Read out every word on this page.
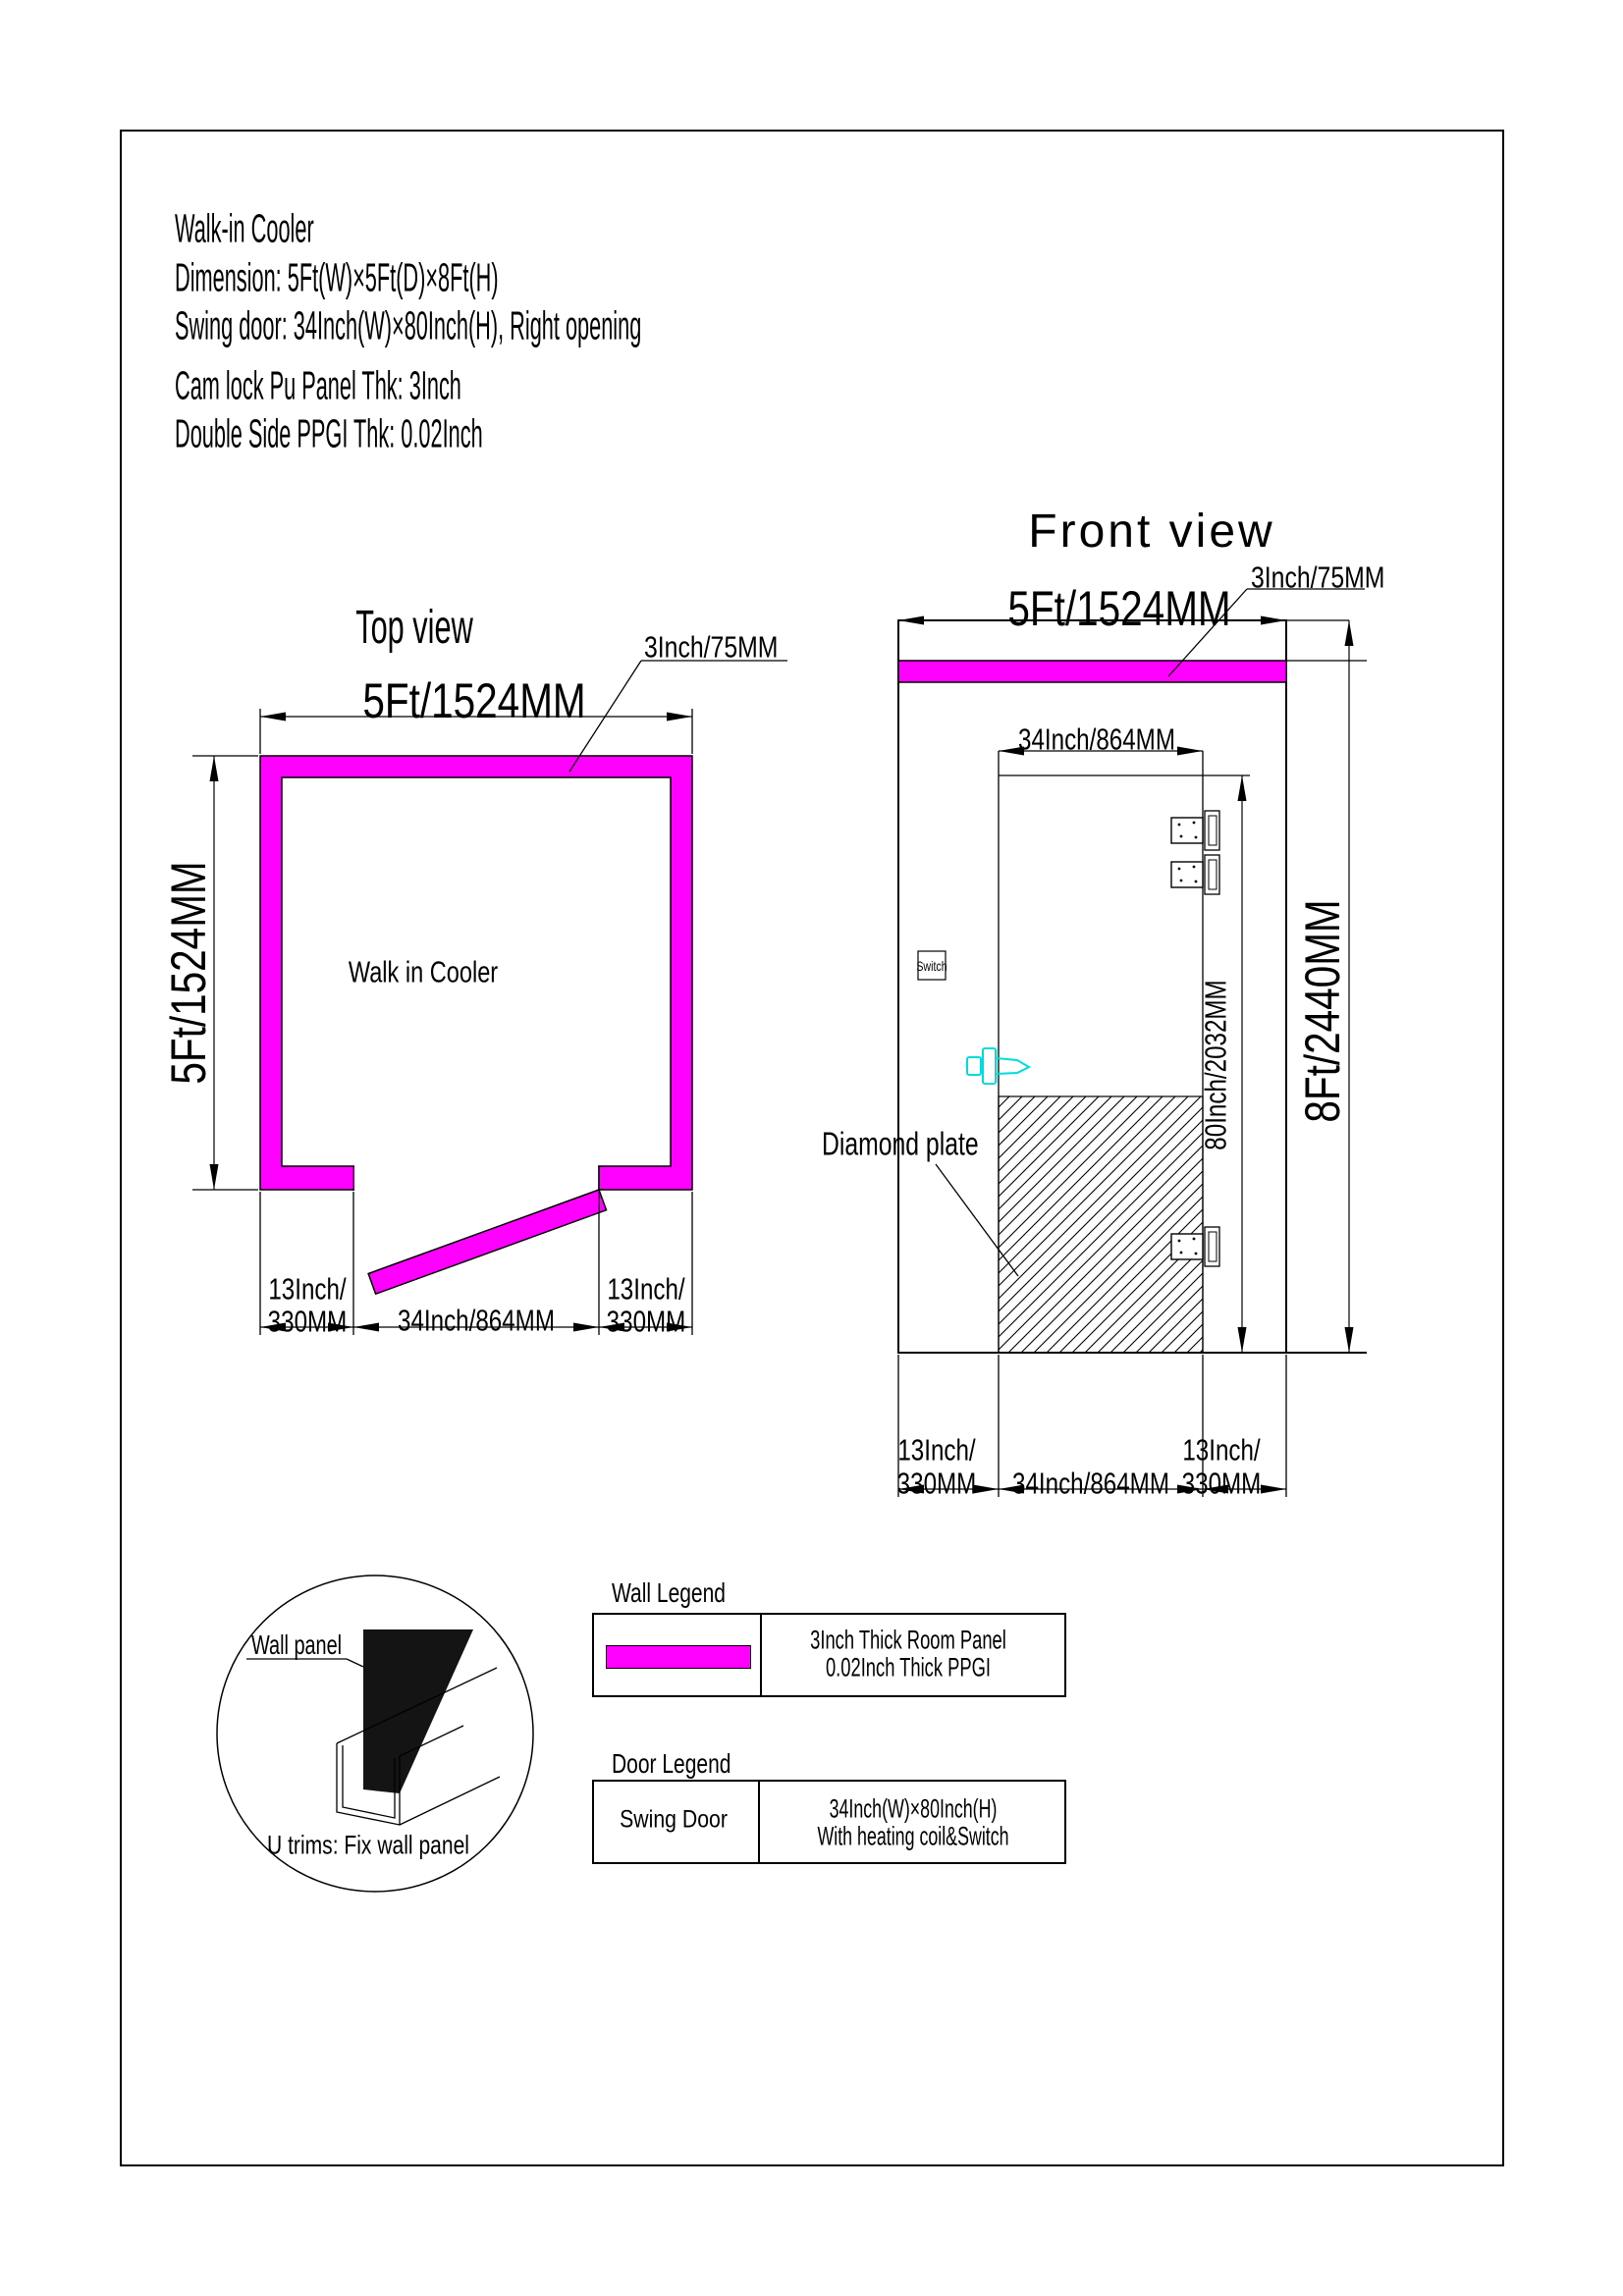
Walk-in Cooler
Dimension: 5Ft(W)×5Ft(D)×8Ft(H)
Swing door: 34Inch(W)×80Inch(H), Right opening
Cam lock Pu Panel Thk: 3Inch
Double Side PPGI Thk: 0.02Inch
Top view
5Ft/1524MM
3Inch/75MM
5Ft/1524MM	Walk in Cooler
13Inch/
330MM 34Inch/864MM
13Inch/
330MM
Front view
5Ft/1524MM
3Inch/75MM
34Inch/864MM
80Inch/2032MM 8Ft/2440MM
Switch
Diamond plate
13Inch/
330MM 34Inch/864MM
13Inch/
330MM
Wall Legend
3Inch Thick Room Panel
0.02Inch Thick PPGI
Door Legend
Swing Door	34Inch(W)×80Inch(H)
With heating coil&Switch
Wall panel
U trims: Fix wall panel
